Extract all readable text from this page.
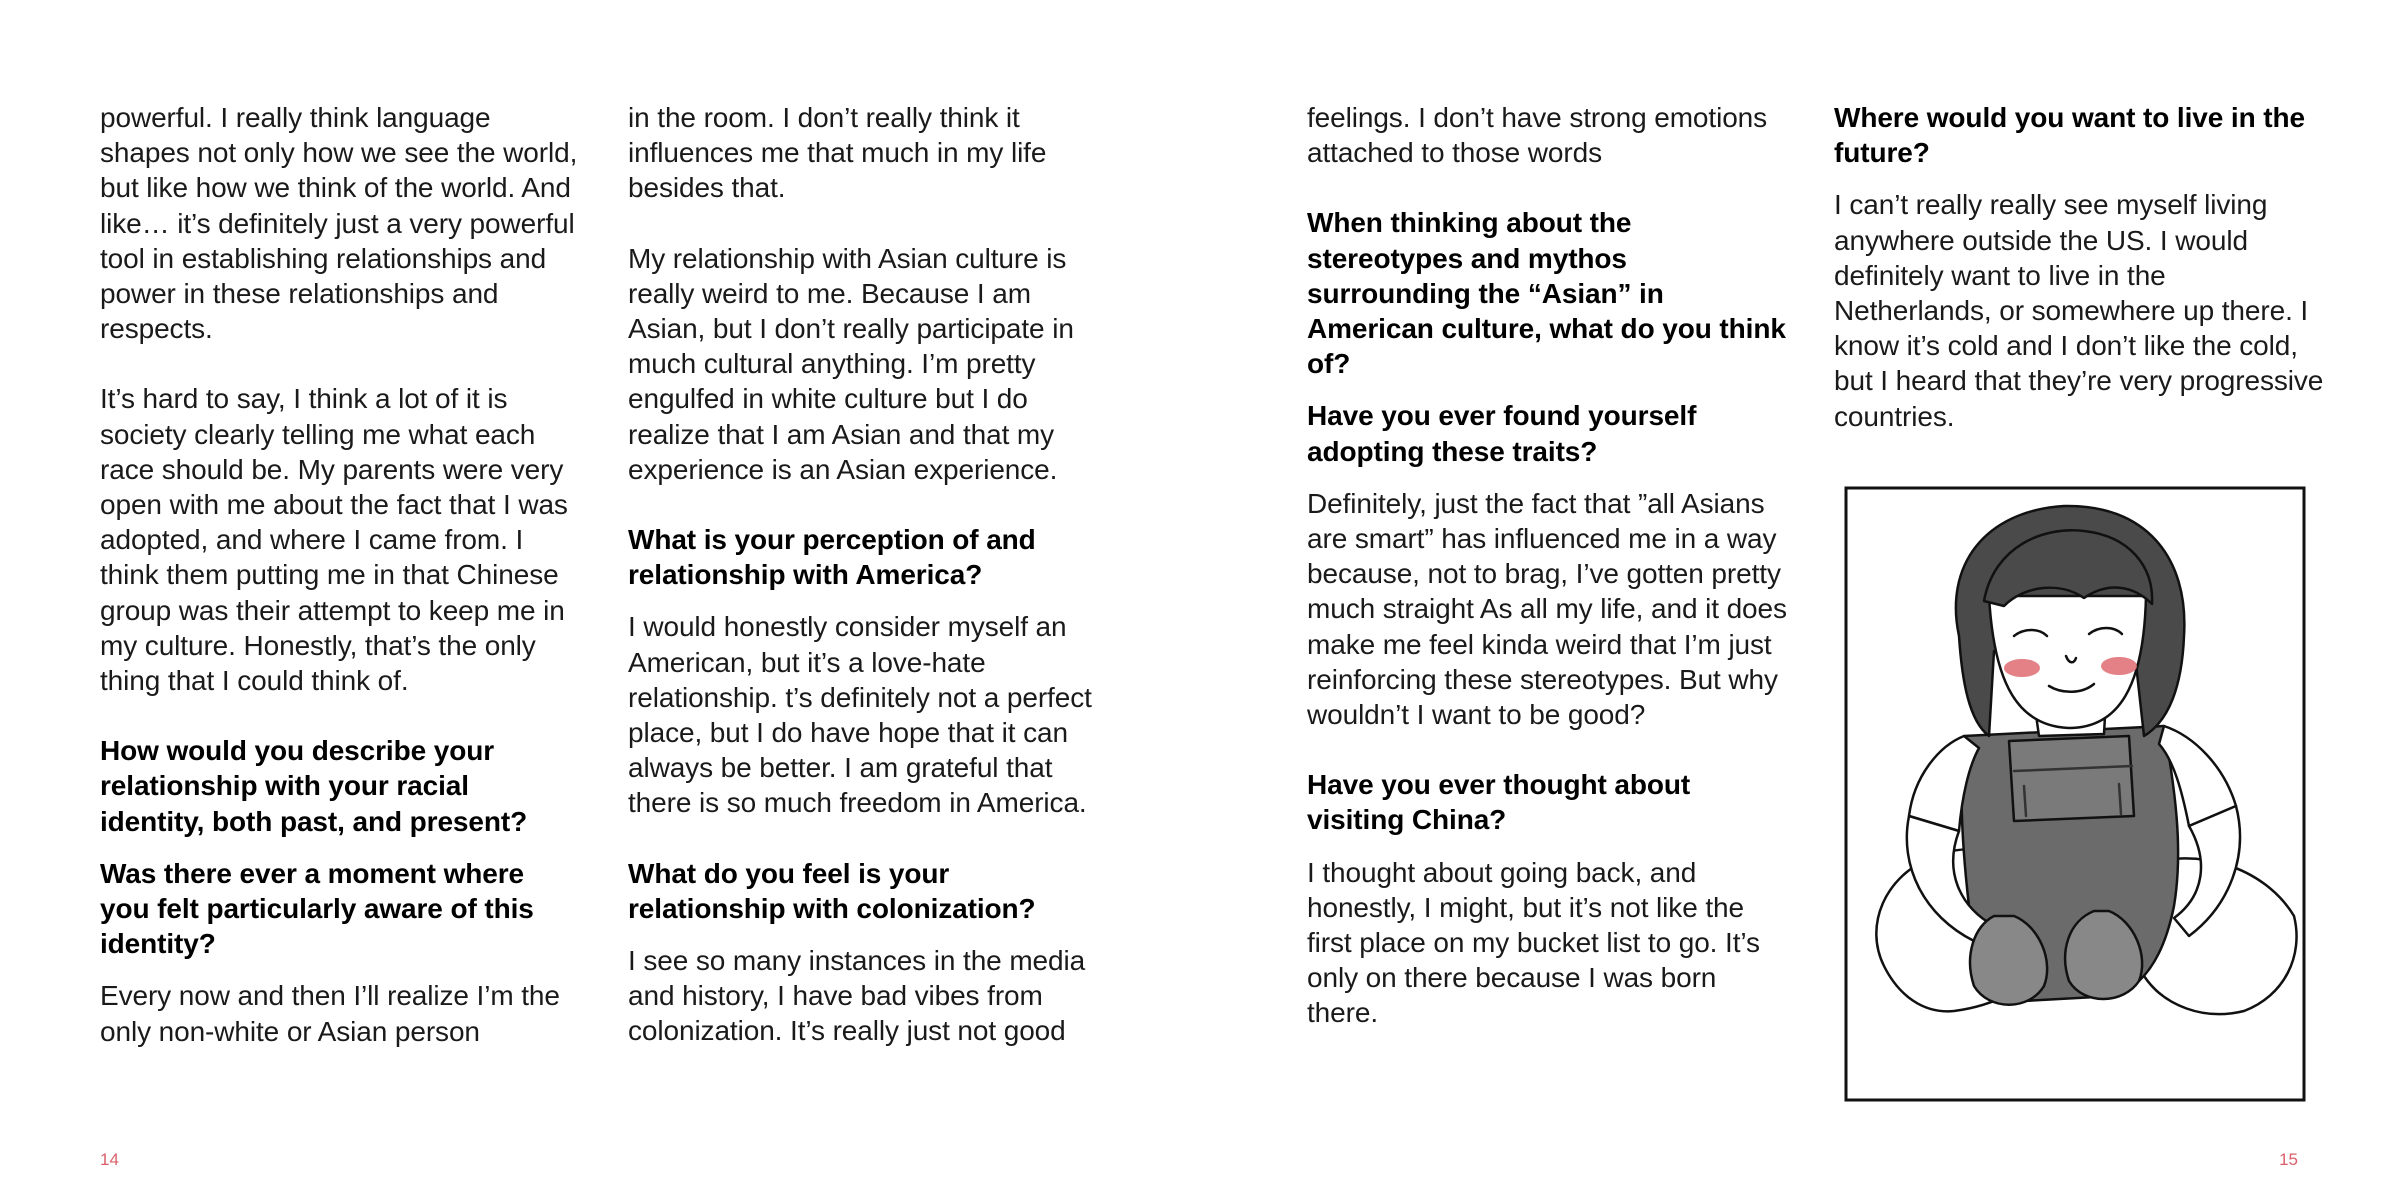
powerful. I really think language shapes not only how we see the world, but like how we think of the world. And like… it’s definitely just a very powerful tool in establishing relationships and power in these relationships and respects.

It’s hard to say, I think a lot of it is society clearly telling me what each race should be. My parents were very open with me about the fact that I was adopted, and where I came from. I think them putting me in that Chinese group was their attempt to keep me in my culture. Honestly, that’s the only thing that I could think of.

How would you describe your relationship with your racial identity, both past, and present?

Was there ever a moment where you felt particularly aware of this identity?

Every now and then I’ll realize I’m the only non-white or Asian person

in the room. I don’t really think it influences me that much in my life besides that.

My relationship with Asian culture is really weird to me. Because I am Asian, but I don’t really participate in much cultural anything. I’m pretty engulfed in white culture but I do realize that I am Asian and that my experience is an Asian experience.

What is your perception of and relationship with America?

I would honestly consider myself an American, but it’s a love-hate relationship. t’s definitely not a perfect place, but I do have hope that it can always be better. I am grateful that there is so much freedom in America.

What do you feel is your relationship with colonization?

I see so many instances in the media and history, I have bad vibes from colonization. It’s really just not good

feelings. I don’t have strong emotions attached to those words

When thinking about the stereotypes and mythos surrounding the “Asian” in American culture, what do you think of?

Have you ever found yourself adopting these traits?

Definitely, just the fact that ”all Asians are smart” has influenced me in a way because, not to brag, I’ve gotten pretty much straight As all my life, and it does make me feel kinda weird that I’m just reinforcing these stereotypes. But why wouldn’t I want to be good?

Have you ever thought about visiting China?

I thought about going back, and honestly, I might, but it’s not like the first place on my bucket list to go. It’s only on there because I was born there.

Where would you want to live in the future?

I can’t really really see myself living anywhere outside the US. I would definitely want to live in the Netherlands, or somewhere up there. I know it’s cold and I don’t like the cold, but I heard that they’re very progressive countries.

14	15
